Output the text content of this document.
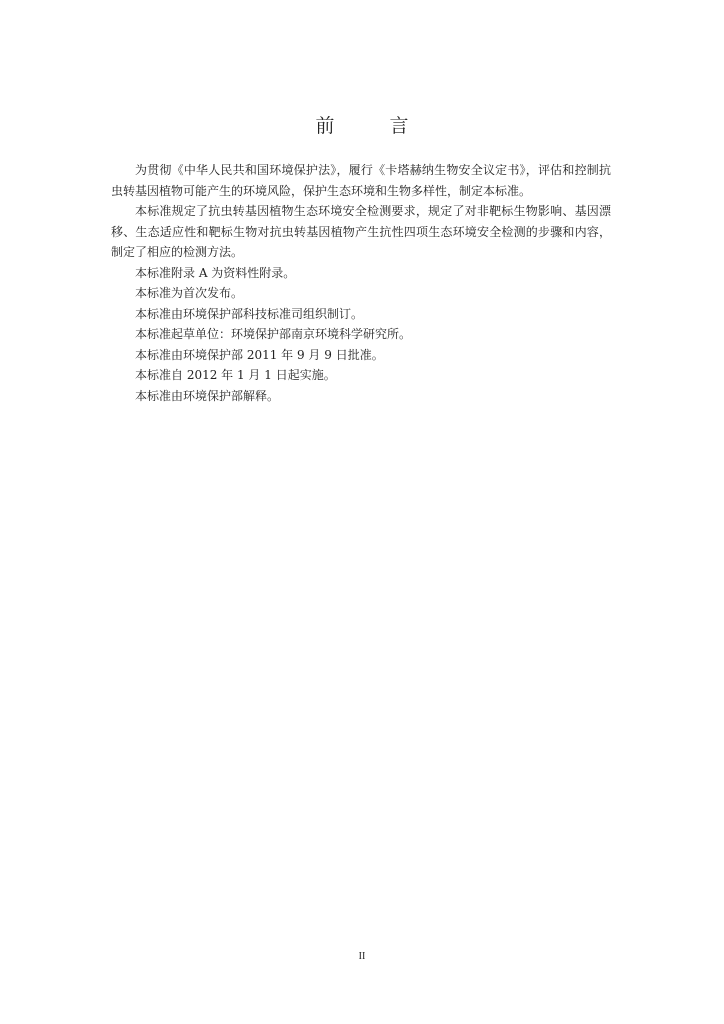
前　言

为贯彻《中华人民共和国环境保护法》，履行《卡塔赫纳生物安全议定书》，评估和控制抗虫转基因植物可能产生的环境风险，保护生态环境和生物多样性，制定本标准。

本标准规定了抗虫转基因植物生态环境安全检测要求，规定了对非靶标生物影响、基因漂移、生态适应性和靶标生物对抗虫转基因植物产生抗性四项生态环境安全检测的步骤和内容，制定了相应的检测方法。

本标准附录 A 为资料性附录。

本标准为首次发布。

本标准由环境保护部科技标准司组织制订。

本标准起草单位：环境保护部南京环境科学研究所。

本标准由环境保护部 2011 年 9 月 9 日批准。

本标准自 2012 年 1 月 1 日起实施。

本标准由环境保护部解释。

II
